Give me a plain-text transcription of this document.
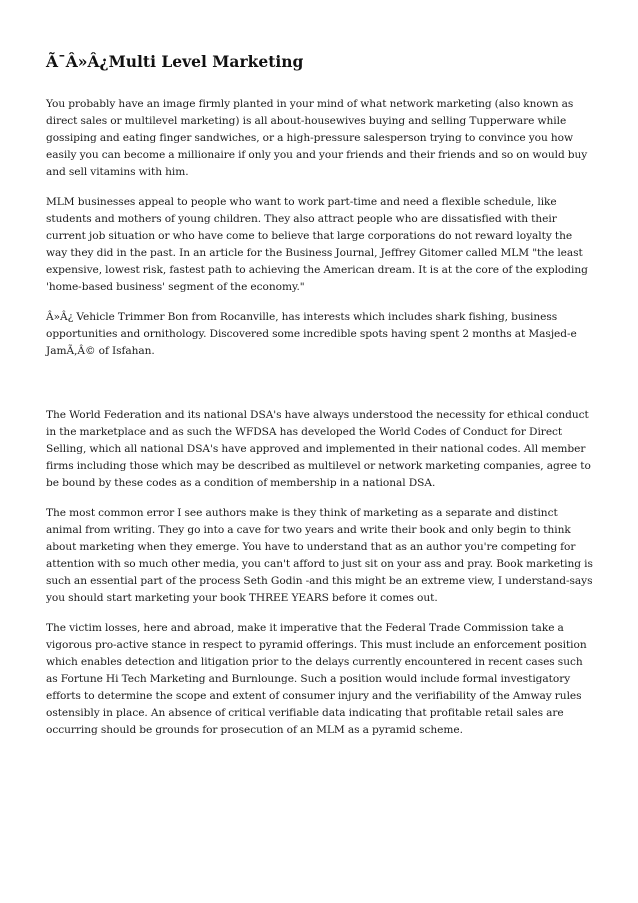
Ã¯Â»Â¿Multi Level Marketing

You probably have an image firmly planted in your mind of what network marketing (also known as direct sales or multilevel marketing) is all about-housewives buying and selling Tupperware while gossiping and eating finger sandwiches, or a high-pressure salesperson trying to convince you how easily you can become a millionaire if only you and your friends and their friends and so on would buy and sell vitamins with him.

MLM businesses appeal to people who want to work part-time and need a flexible schedule, like students and mothers of young children. They also attract people who are dissatisfied with their current job situation or who have come to believe that large corporations do not reward loyalty the way they did in the past. In an article for the Business Journal, Jeffrey Gitomer called MLM "the least expensive, lowest risk, fastest path to achieving the American dream. It is at the core of the exploding 'home-based business' segment of the economy."

Â»Â¿ Vehicle Trimmer Bon from Rocanville, has interests which includes shark fishing, business opportunities and ornithology. Discovered some incredible spots having spent 2 months at Masjed-e JamÃ‚Â© of Isfahan.

The World Federation and its national DSA's have always understood the necessity for ethical conduct in the marketplace and as such the WFDSA has developed the World Codes of Conduct for Direct Selling, which all national DSA's have approved and implemented in their national codes. All member firms including those which may be described as multilevel or network marketing companies, agree to be bound by these codes as a condition of membership in a national DSA.

The most common error I see authors make is they think of marketing as a separate and distinct animal from writing. They go into a cave for two years and write their book and only begin to think about marketing when they emerge. You have to understand that as an author you're competing for attention with so much other media, you can't afford to just sit on your ass and pray. Book marketing is such an essential part of the process Seth Godin -and this might be an extreme view, I understand-says you should start marketing your book THREE YEARS before it comes out.

The victim losses, here and abroad, make it imperative that the Federal Trade Commission take a vigorous pro-active stance in respect to pyramid offerings. This must include an enforcement position which enables detection and litigation prior to the delays currently encountered in recent cases such as Fortune Hi Tech Marketing and Burnlounge. Such a position would include formal investigatory efforts to determine the scope and extent of consumer injury and the verifiability of the Amway rules ostensibly in place. An absence of critical verifiable data indicating that profitable retail sales are occurring should be grounds for prosecution of an MLM as a pyramid scheme.
